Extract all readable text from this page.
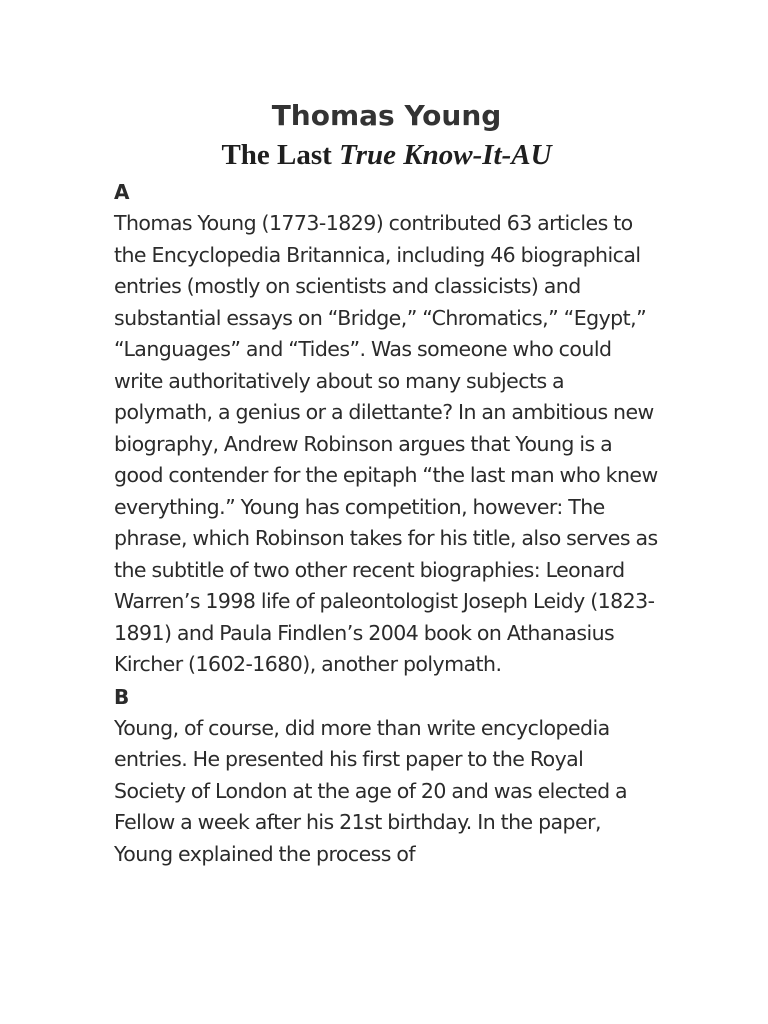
Thomas Young
The Last True Know-It-AU

A

Thomas Young (1773-1829) contributed 63 articles to the Encyclopedia Britannica, including 46 biographical entries (mostly on scientists and classicists) and substantial essays on “Bridge,” “Chromatics,” “Egypt,” “Languages” and “Tides”. Was someone who could write authoritatively about so many subjects a polymath, a genius or a dilettante? In an ambitious new biography, Andrew Robinson argues that Young is a good contender for the epitaph “the last man who knew everything.” Young has competition, however: The phrase, which Robinson takes for his title, also serves as the subtitle of two other recent biographies: Leonard Warren’s 1998 life of paleontologist Joseph Leidy (1823-1891) and Paula Findlen’s 2004 book on Athanasius Kircher (1602-1680), another polymath.

B

Young, of course, did more than write encyclopedia entries. He presented his first paper to the Royal Society of London at the age of 20 and was elected a Fellow a week after his 21st birthday. In the paper, Young explained the process of
